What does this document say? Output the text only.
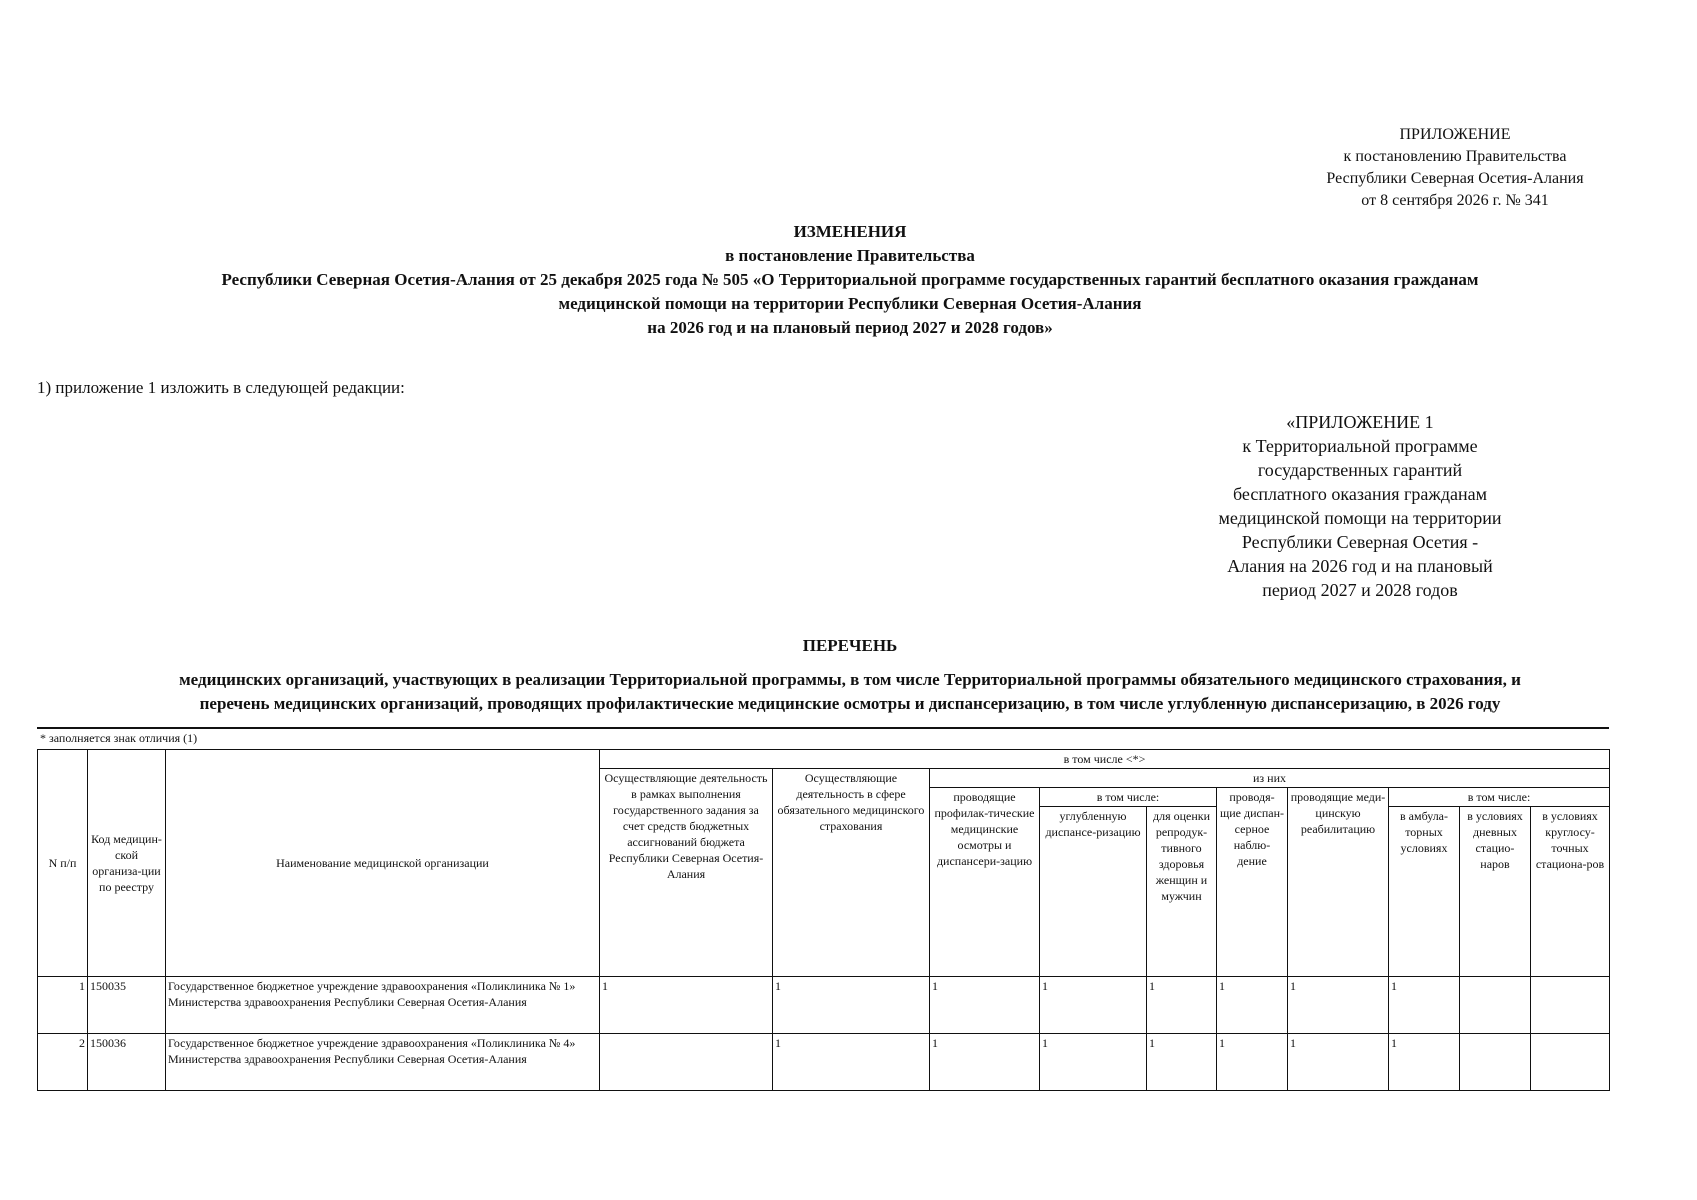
ПРИЛОЖЕНИЕ
к постановлению Правительства
Республики Северная Осетия-Алания
от 8 сентября 2026 г. № 341
ИЗМЕНЕНИЯ
в постановление Правительства
Республики Северная Осетия-Алания от 25 декабря 2025 года № 505 «О Территориальной программе государственных гарантий бесплатного оказания гражданам
медицинской помощи на территории Республики Северная Осетия-Алания
на 2026 год и на плановый период 2027 и 2028 годов»
1) приложение 1 изложить в следующей редакции:
«ПРИЛОЖЕНИЕ 1
к Территориальной программе
государственных гарантий
бесплатного оказания гражданам
медицинской помощи на территории
Республики Северная Осетия -
Алания на 2026 год и на плановый
период 2027 и 2028 годов
ПЕРЕЧЕНЬ
медицинских организаций, участвующих в реализации Территориальной программы, в том числе Территориальной программы обязательного медицинского страхования, и
перечень медицинских организаций, проводящих профилактические медицинские осмотры и диспансеризацию, в том числе углубленную диспансеризацию, в 2026 году
* заполняется знак отличия (1)
N п/п	Код медицин-ской организа-ции по реестру	Наименование медицинской организации	в том числе <*>									
			Осуществляющие деятельность в рамках выполнения государственного задания за счет средств бюджетных ассигнований бюджета Республики Северная Осетия-Алания	Осуществляющие деятельность в сфере обязательного медицинского страхования	из них							
					проводящие профилак-тические медицинские осмотры и диспансери-зацию	в том числе:		проводя-щие диспан-серное наблю-дение	проводящие меди-цинскую реабилитацию	в том числе:		
						углубленную диспансе-ризацию	для оценки репродук-тивного здоровья женщин и мужчин			в амбула-торных условиях	в условиях дневных стацио-наров	в условиях круглосу-точных стациона-ров
1	150035	Государственное бюджетное учреждение здравоохранения «Поликлиника № 1» Министерства здравоохранения Республики Северная Осетия-Алания	1	1	1	1	1	1	1	1		
2	150036	Государственное бюджетное учреждение здравоохранения «Поликлиника № 4» Министерства здравоохранения Республики Северная Осетия-Алания		1	1	1	1	1	1	1		
